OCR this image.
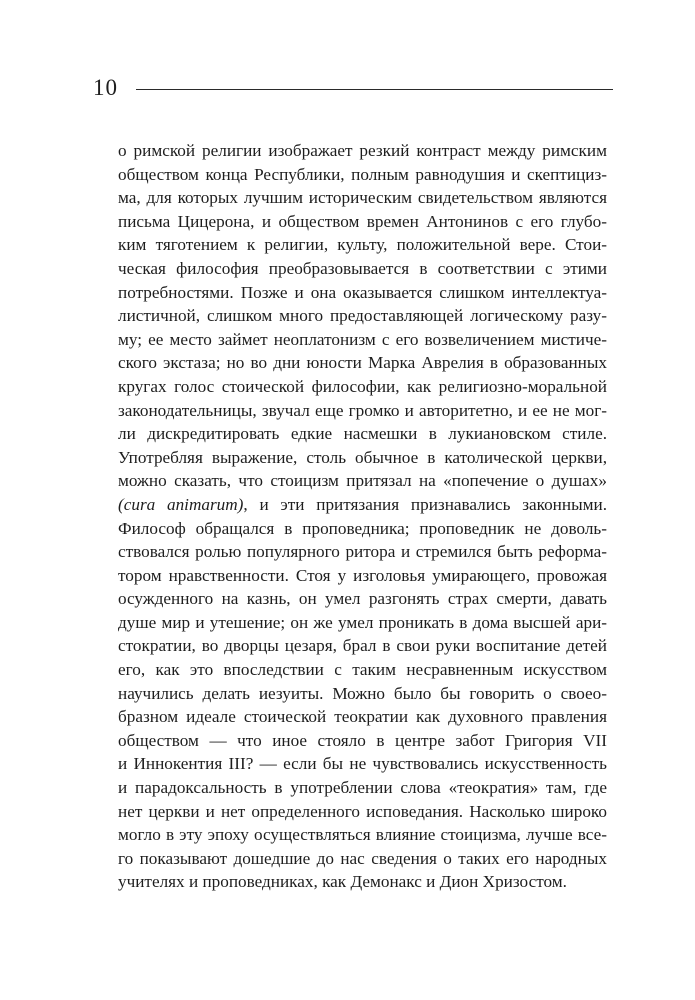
10
о римской религии изображает резкий контраст между римским
обществом конца Республики, полным равнодушия и скептициз-
ма, для которых лучшим историческим свидетельством являются
письма Цицерона, и обществом времен Антонинов с его глубо-
ким тяготением к религии, культу, положительной вере. Стои-
ческая философия преобразовывается в соответствии с этими
потребностями. Позже и она оказывается слишком интеллектуа-
листичной, слишком много предоставляющей логическому разу-
му; ее место займет неоплатонизм с его возвеличением мистиче-
ского экстаза; но во дни юности Марка Аврелия в образованных
кругах голос стоической философии, как религиозно-моральной
законодательницы, звучал еще громко и авторитетно, и ее не мог-
ли дискредитировать едкие насмешки в лукиановском стиле.
Употребляя выражение, столь обычное в католической церкви,
можно сказать, что стоицизм притязал на «попечение о душах»
(cura animarum), и эти притязания признавались законными.
Философ обращался в проповедника; проповедник не доволь-
ствовался ролью популярного ритора и стремился быть реформа-
тором нравственности. Стоя у изголовья умирающего, провожая
осужденного на казнь, он умел разгонять страх смерти, давать
душе мир и утешение; он же умел проникать в дома высшей ари-
стократии, во дворцы цезаря, брал в свои руки воспитание детей
его, как это впоследствии с таким несравненным искусством
научились делать иезуиты. Можно было бы говорить о своео-
бразном идеале стоической теократии как духовного правления
обществом — что иное стояло в центре забот Григория VII
и Иннокентия III? — если бы не чувствовались искусственность
и парадоксальность в употреблении слова «теократия» там, где
нет церкви и нет определенного исповедания. Насколько широко
могло в эту эпоху осуществляться влияние стоицизма, лучше все-
го показывают дошедшие до нас сведения о таких его народных
учителях и проповедниках, как Демонакс и Дион Хризостом.
